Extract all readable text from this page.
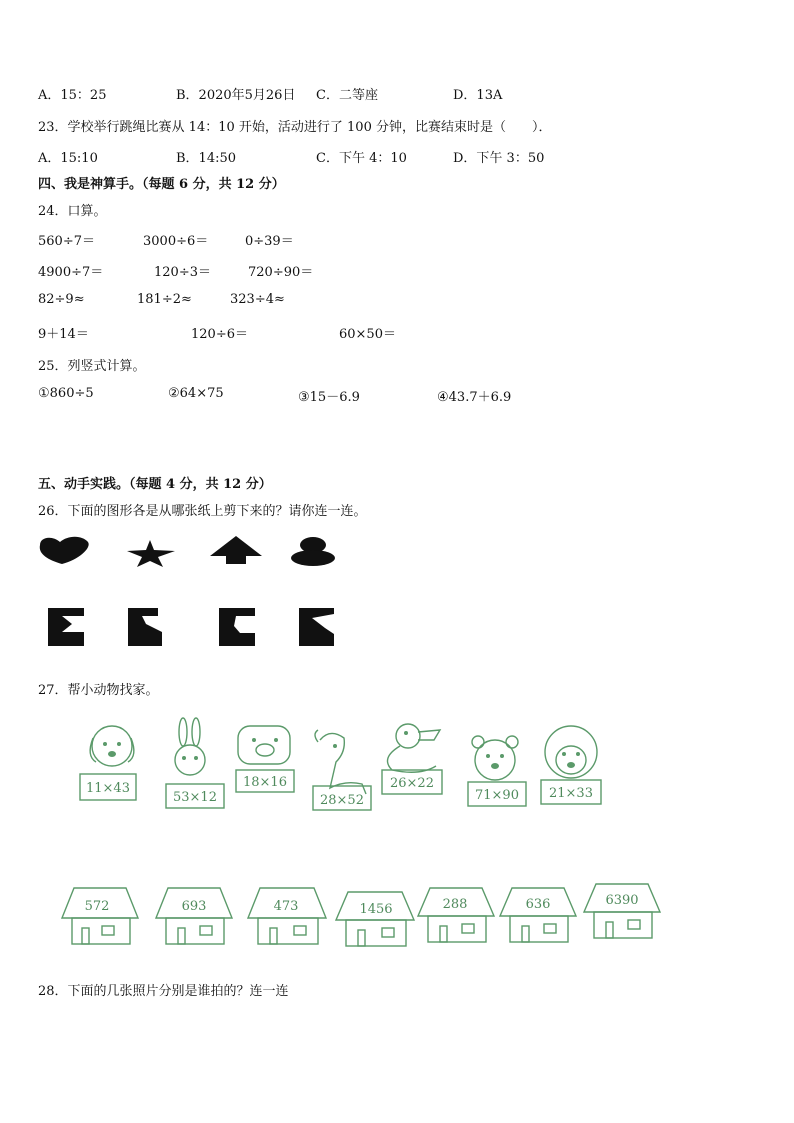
A．15：25	B．2020年5月26日 C．二等座	D．13A
23．学校举行跳绳比赛从 14：10 开始，活动进行了 100 分钟，比赛结束时是（　　）．
A．15:10	B．14:50	C．下午 4：10	D．下午 3：50
四、我是神算手。（每题 6 分，共 12 分）
24．口算。
560÷7＝	3000÷6＝	0÷39＝
4900÷7＝	120÷3＝	720÷90＝
82÷9≈	181÷2≈	323÷4≈
9＋14＝	120÷6＝	60×50＝
25．列竖式计算。
①860÷5	②64×75	③15－6.9	④43.7＋6.9
五、动手实践。（每题 4 分，共 12 分）
26．下面的图形各是从哪张纸上剪下来的？请你连一连。
27．帮小动物找家。
11×43
53×12
18×16
28×52
26×22
71×90 21×33
572	693	473	1456	288	636	6390
28．下面的几张照片分别是谁拍的？连一连
